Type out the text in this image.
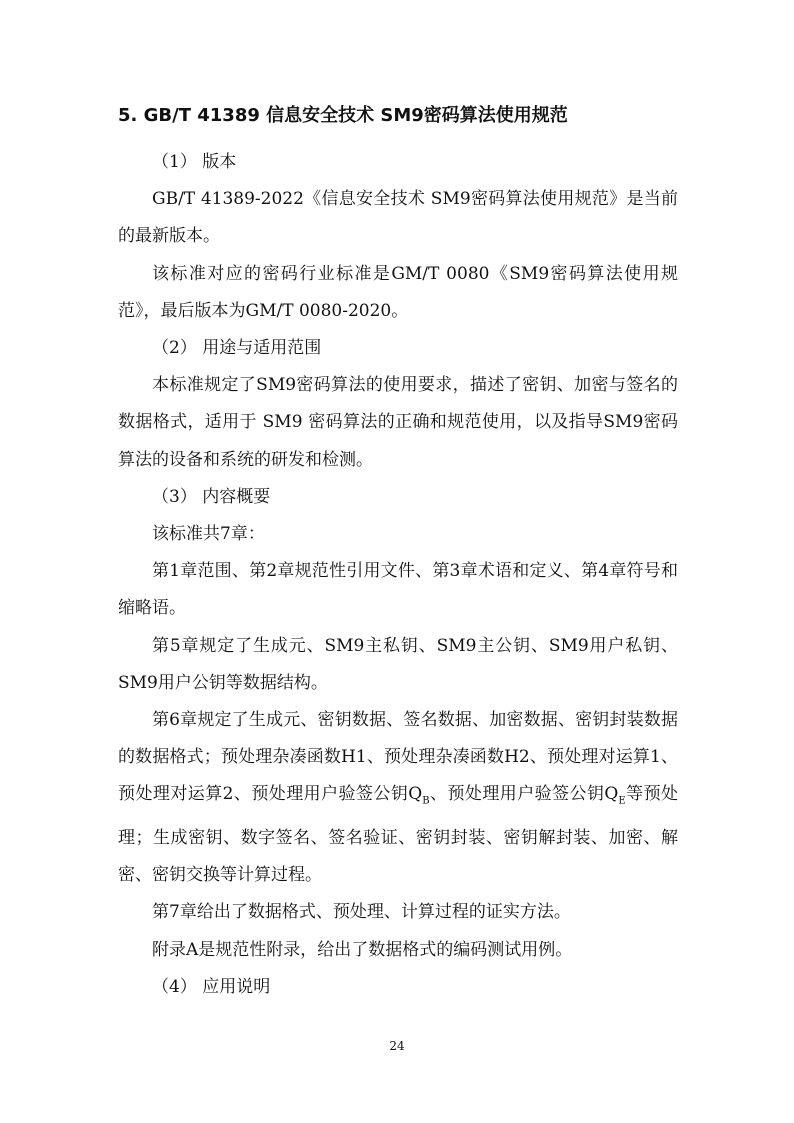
5. GB/T 41389 信息安全技术 SM9密码算法使用规范

（1） 版本

GB/T 41389-2022《信息安全技术 SM9密码算法使用规范》是当前的最新版本。

该标准对应的密码行业标准是GM/T 0080《SM9密码算法使用规范》，最后版本为GM/T 0080-2020。

（2） 用途与适用范围

本标准规定了SM9密码算法的使用要求，描述了密钥、加密与签名的数据格式，适用于 SM9 密码算法的正确和规范使用，以及指导SM9密码算法的设备和系统的研发和检测。

（3） 内容概要

该标准共7章：

第1章范围、第2章规范性引用文件、第3章术语和定义、第4章符号和缩略语。

第5章规定了生成元、SM9主私钥、SM9主公钥、SM9用户私钥、SM9用户公钥等数据结构。

第6章规定了生成元、密钥数据、签名数据、加密数据、密钥封装数据的数据格式；预处理杂凑函数H1、预处理杂凑函数H2、预处理对运算1、预处理对运算2、预处理用户验签公钥$Q_B$、预处理用户验签公钥$Q_E$等预处理；生成密钥、数字签名、签名验证、密钥封装、密钥解封装、加密、解密、密钥交换等计算过程。

第7章给出了数据格式、预处理、计算过程的证实方法。

附录A是规范性附录，给出了数据格式的编码测试用例。

（4） 应用说明

24
